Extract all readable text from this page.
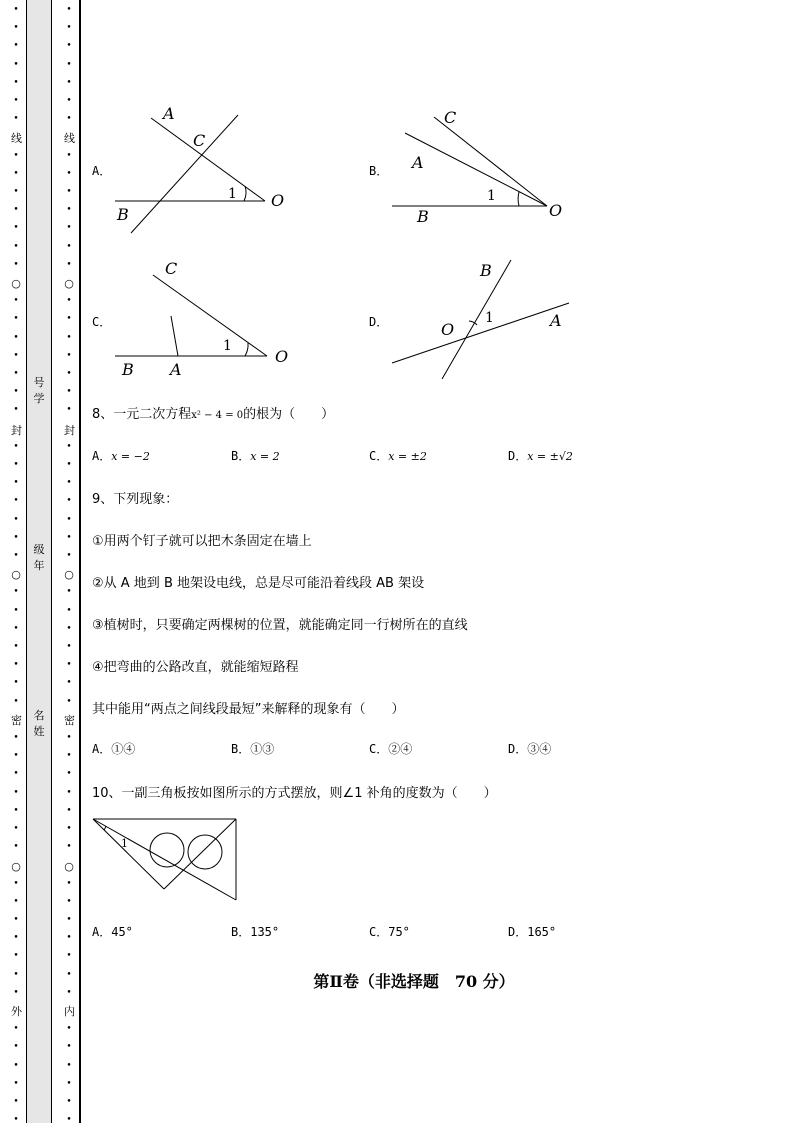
•
•
•
•
•
•
•
线
•
•
•
•
•
•
•
○
•
•
•
•
•
•
•
封
•
•
•
•
•
•
•
○
•
•
•
•
•
•
•
密
•
•
•
•
•
•
•
○
•
•
•
•
•
•
•
外
•
•
•
•
•
•
•
•
•
•
•
•
•
线
•
•
•
•
•
•
•
○
•
•
•
•
•
•
•
封
•
•
•
•
•
•
•
○
•
•
•
•
•
•
•
密
•
•
•
•
•
•
•
○
•
•
•
•
•
•
•
内
•
•
•
•
•
•
号学
级年
名姓
A．
A
C
B
O
1
B．
C
A
B	O
1
C．
C
B A
O
1
D．
B
O	A
1
8、一元二次方程x² − 4 = 0的根为（　　）
A．x = −2	B．x = 2	C．x = ±2	D．x = ±√2
9、下列现象：
①用两个钉子就可以把木条固定在墙上
②从 A 地到 B 地架设电线，总是尽可能沿着线段 AB 架设
③植树时，只要确定两棵树的位置，就能确定同一行树所在的直线
④把弯曲的公路改直，就能缩短路程
其中能用“两点之间线段最短”来解释的现象有（　　）
A．①④	B．①③	C．②④	D．③④
10、一副三角板按如图所示的方式摆放，则∠1 补角的度数为（　　）
1
A．45°	B．135°	C．75°	D．165°
第Ⅱ卷（非选择题　70 分）
